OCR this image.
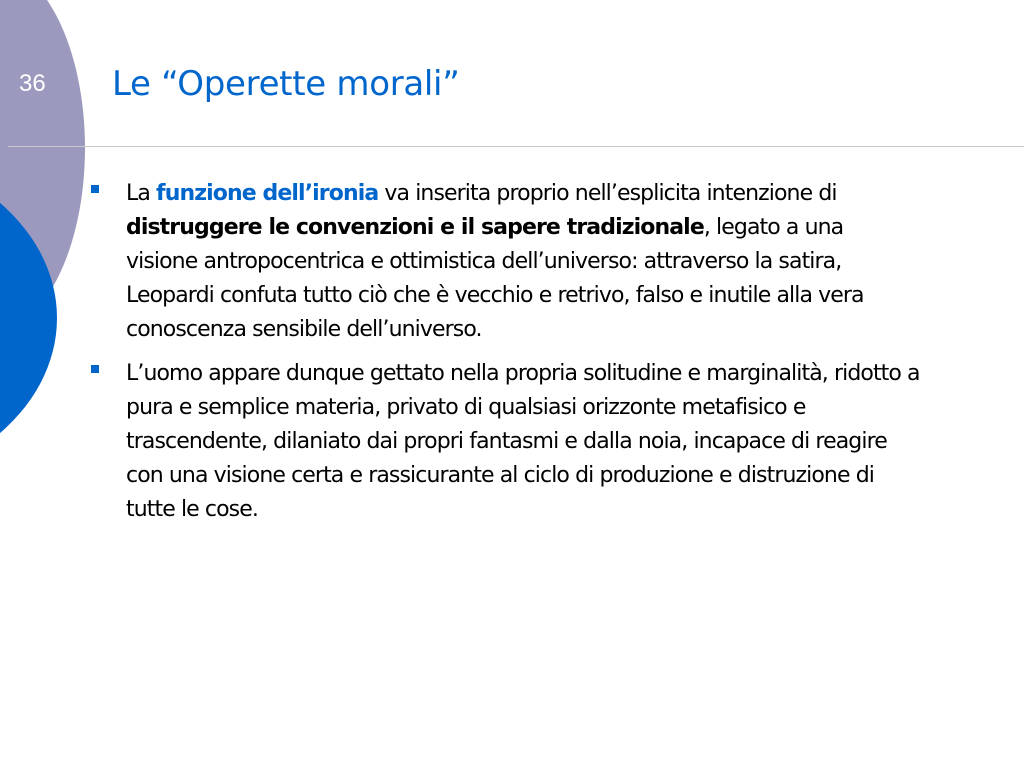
36 Le “Operette morali”
La funzione dell’ironia va inserita proprio nell’esplicita intenzione di distruggere le convenzioni e il sapere tradizionale, legato a una visione antropocentrica e ottimistica dell’universo: attraverso la satira, Leopardi confuta tutto ciò che è vecchio e retrivo, falso e inutile alla vera conoscenza sensibile dell’universo.
L’uomo appare dunque gettato nella propria solitudine e marginalità, ridotto a pura e semplice materia, privato di qualsiasi orizzonte metafisico e trascendente, dilaniato dai propri fantasmi e dalla noia, incapace di reagire con una visione certa e rassicurante al ciclo di produzione e distruzione di tutte le cose.
